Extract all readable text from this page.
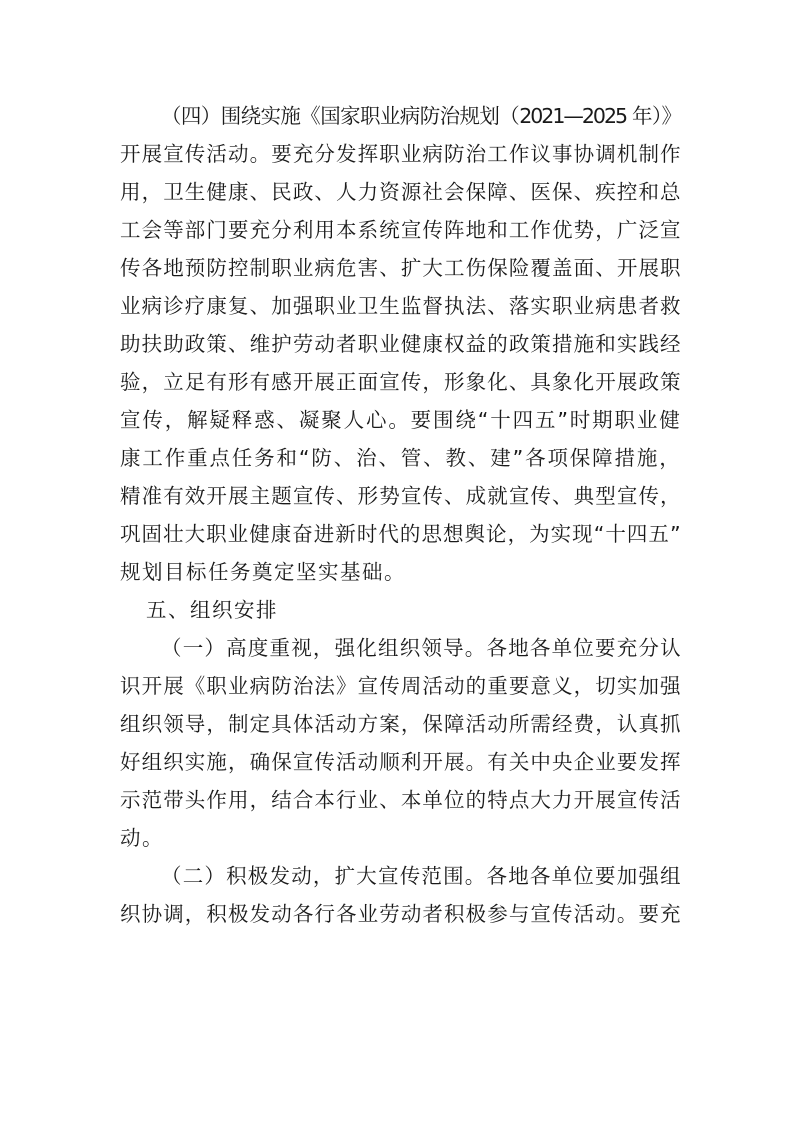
（四）围绕实施《国家职业病防治规划（2021—2025 年）》
开展宣传活动。要充分发挥职业病防治工作议事协调机制作
用，卫生健康、民政、人力资源社会保障、医保、疾控和总
工会等部门要充分利用本系统宣传阵地和工作优势，广泛宣
传各地预防控制职业病危害、扩大工伤保险覆盖面、开展职
业病诊疗康复、加强职业卫生监督执法、落实职业病患者救
助扶助政策、维护劳动者职业健康权益的政策措施和实践经
验，立足有形有感开展正面宣传，形象化、具象化开展政策
宣传，解疑释惑、凝聚人心。要围绕“十四五”时期职业健
康工作重点任务和“防、治、管、教、建”各项保障措施，
精准有效开展主题宣传、形势宣传、成就宣传、典型宣传，
巩固壮大职业健康奋进新时代的思想舆论，为实现“十四五”
规划目标任务奠定坚实基础。
五、组织安排
（一）高度重视，强化组织领导。各地各单位要充分认
识开展《职业病防治法》宣传周活动的重要意义，切实加强
组织领导，制定具体活动方案，保障活动所需经费，认真抓
好组织实施，确保宣传活动顺利开展。有关中央企业要发挥
示范带头作用，结合本行业、本单位的特点大力开展宣传活
动。
（二）积极发动，扩大宣传范围。各地各单位要加强组
织协调，积极发动各行各业劳动者积极参与宣传活动。要充
